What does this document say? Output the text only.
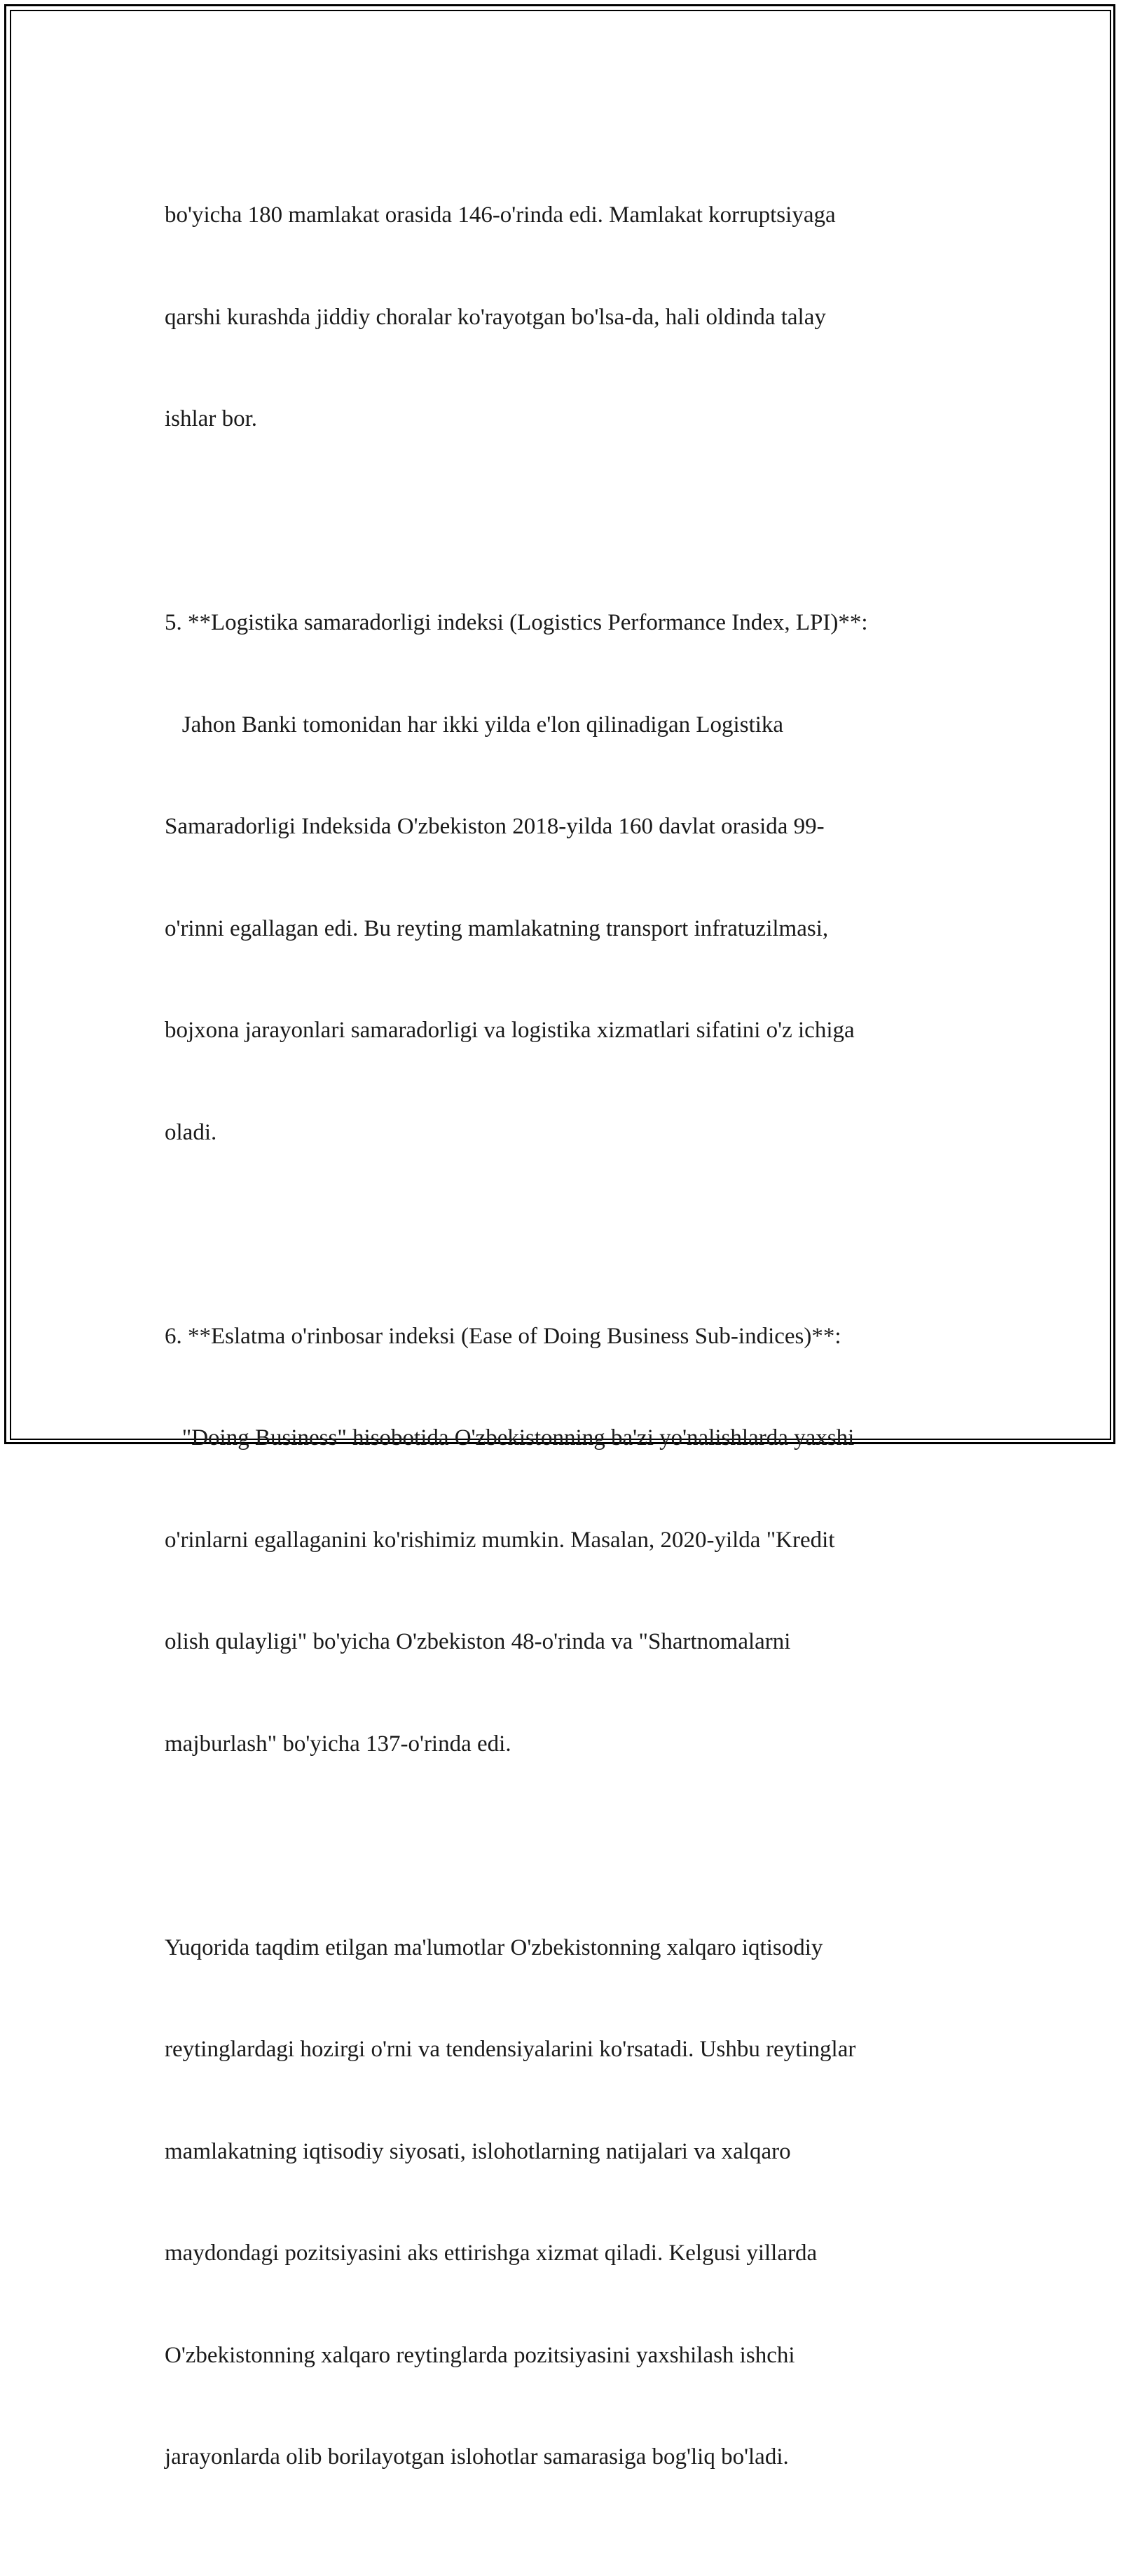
bo'yicha 180 mamlakat orasida 146-o'rinda edi. Mamlakat korruptsiyaga

qarshi kurashda jiddiy choralar ko'rayotgan bo'lsa-da, hali oldinda talay

ishlar bor.

5. **Logistika samaradorligi indeksi (Logistics Performance Index, LPI)**:

Jahon Banki tomonidan har ikki yilda e'lon qilinadigan Logistika

Samaradorligi Indeksida O'zbekiston 2018-yilda 160 davlat orasida 99-

o'rinni egallagan edi. Bu reyting mamlakatning transport infratuzilmasi,

bojxona jarayonlari samaradorligi va logistika xizmatlari sifatini o'z ichiga

oladi.

6. **Eslatma o'rinbosar indeksi (Ease of Doing Business Sub-indices)**:

"Doing Business" hisobotida O'zbekistonning ba'zi yo'nalishlarda yaxshi

o'rinlarni egallaganini ko'rishimiz mumkin. Masalan, 2020-yilda "Kredit

olish qulayligi" bo'yicha O'zbekiston 48-o'rinda va "Shartnomalarni

majburlash" bo'yicha 137-o'rinda edi.

Yuqorida taqdim etilgan ma'lumotlar O'zbekistonning xalqaro iqtisodiy

reytinglardagi hozirgi o'rni va tendensiyalarini ko'rsatadi. Ushbu reytinglar

mamlakatning iqtisodiy siyosati, islohotlarning natijalari va xalqaro

maydondagi pozitsiyasini aks ettirishga xizmat qiladi. Kelgusi yillarda

O'zbekistonning xalqaro reytinglarda pozitsiyasini yaxshilash ishchi

jarayonlarda olib borilayotgan islohotlar samarasiga bog'liq bo'ladi.
